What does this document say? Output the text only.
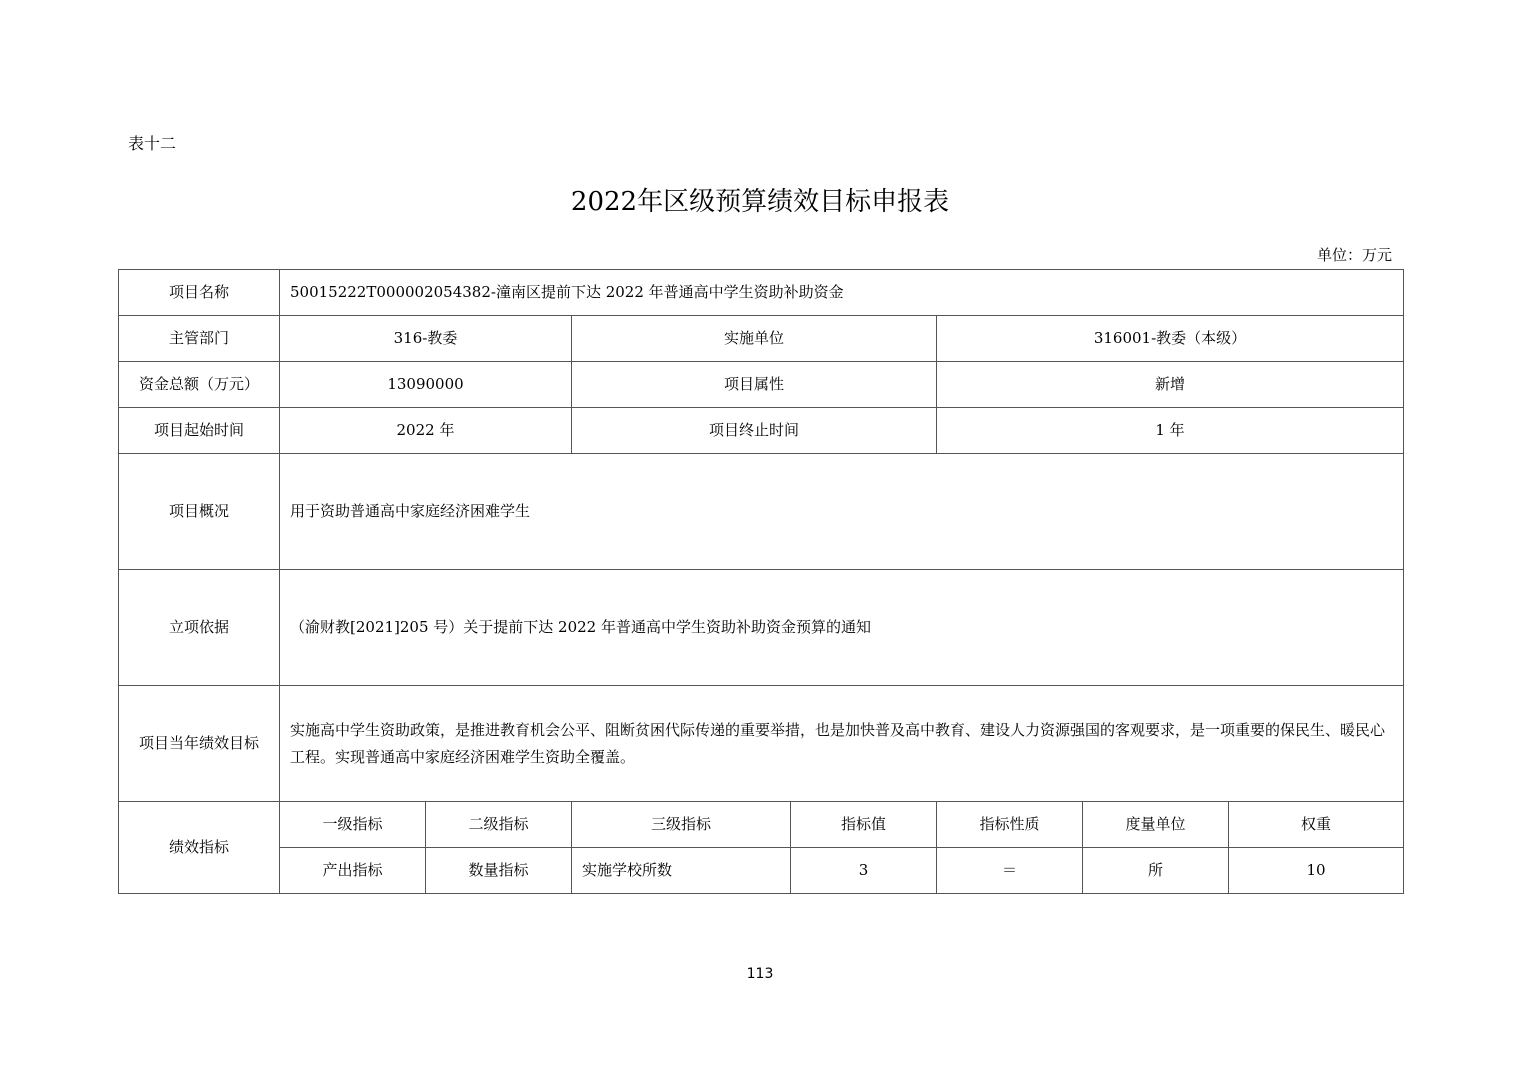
表十二
2022年区级预算绩效目标申报表
单位：万元
项目名称	50015222T000002054382-潼南区提前下达 2022 年普通高中学生资助补助资金						
主管部门	316-教委		实施单位		316001-教委（本级）		
资金总额（万元）	13090000		项目属性		新增		
项目起始时间	2022 年		项目终止时间		1 年		
项目概况	用于资助普通高中家庭经济困难学生						
立项依据	（渝财教[2021]205 号）关于提前下达 2022 年普通高中学生资助补助资金预算的通知						
项目当年绩效目标	实施高中学生资助政策，是推进教育机会公平、阻断贫困代际传递的重要举措，也是加快普及高中教育、建设人力资源强国的客观要求，是一项重要的保民生、暖民心工程。实现普通高中家庭经济困难学生资助全覆盖。						
绩效指标	一级指标	二级指标	三级指标	指标值	指标性质	度量单位	权重
	产出指标	数量指标	实施学校所数	3	＝	所	10
113
